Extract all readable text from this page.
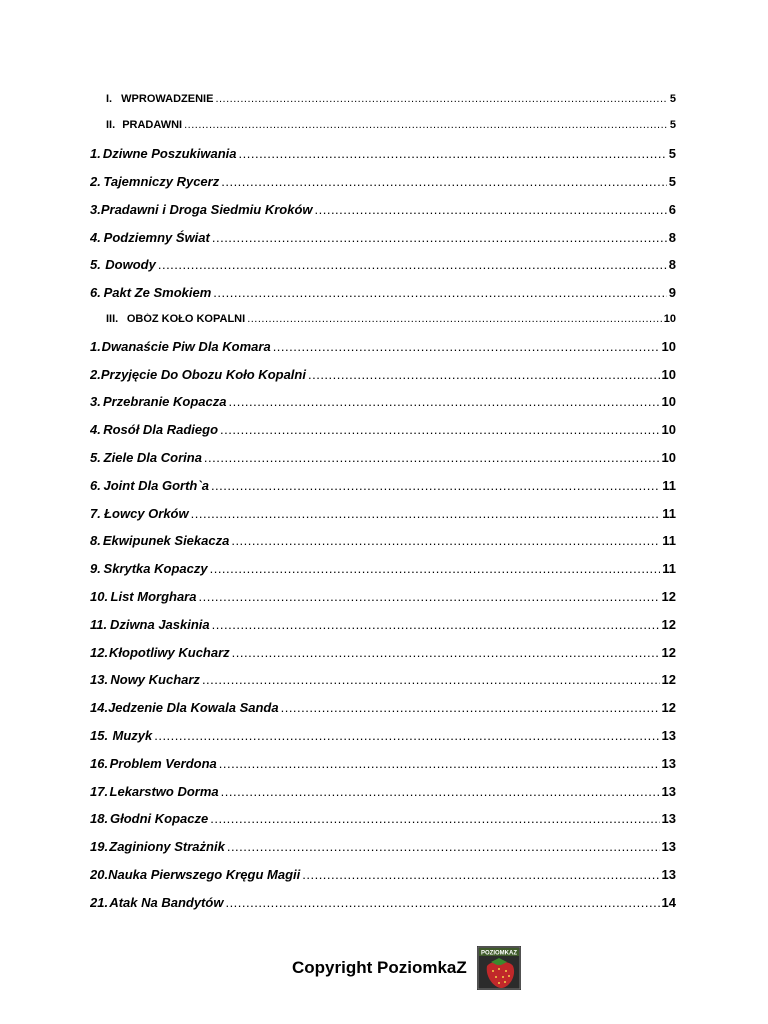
I. WPROWADZENIE .....	5
II. PRADAWNI .....	5
1. Dziwne Poszukiwania .....	5
2. Tajemniczy Rycerz .....	5
3. Pradawni i Droga Siedmiu Kroków .....	6
4. Podziemny Świat .....	8
5. Dowody .....	8
6. Pakt Ze Smokiem .....	9
III. OBÓZ KOŁO KOPALNI .....	10
1. Dwanaście Piw Dla Komara .....	10
2. Przyjęcie Do Obozu Koło Kopalni .....	10
3. Przebranie Kopacza .....	10
4. Rosół Dla Radiego .....	10
5. Ziele Dla Corina .....	10
6. Joint Dla Gorth`a .....	11
7. Łowcy Orków .....	11
8. Ekwipunek Siekacza .....	11
9. Skrytka Kopaczy .....	11
10. List Morghara .....	12
11. Dziwna Jaskinia .....	12
12. Kłopotliwy Kucharz .....	12
13. Nowy Kucharz .....	12
14. Jedzenie Dla Kowala Sanda .....	12
15. Muzyk .....	13
16. Problem Verdona .....	13
17. Lekarstwo Dorma .....	13
18. Głodni Kopacze .....	13
19. Zaginiony Strażnik .....	13
20. Nauka Pierwszego Kręgu Magii .....	13
21. Atak Na Bandytów .....	14
Copyright PoziomkaZ
POZIOMKAZ
